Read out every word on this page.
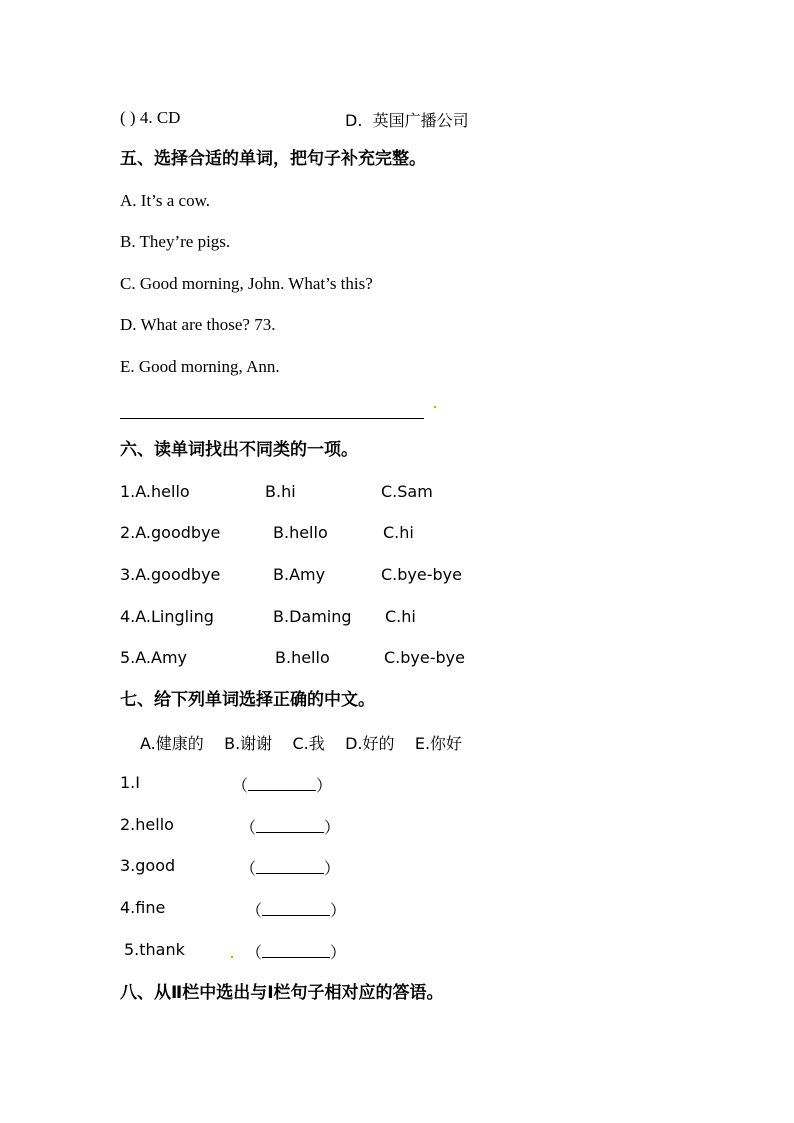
( ) 4. CD	D.  英国广播公司
五、选择合适的单词，把句子补充完整。
A. It’s a cow.
B. They’re pigs.
C. Good morning, John. What’s this?
D. What are those? 73.
E. Good morning, Ann.
六、读单词找出不同类的一项。
1.A.hello	B.hi	C.Sam
2.A.goodbye	B.hello	C.hi
3.A.goodbye	B.Amy	C.bye-bye
4.A.Lingling	B.Daming C.hi
5.A.Amy	B.hello	C.bye-bye
七、给下列单词选择正确的中文。
A.健康的    B.谢谢    C.我    D.好的    E.你好
1.I	（	）
2.hello	（	）
3.good	（	）
4.fine	（	）
5.thank	（	）
八、从Ⅱ栏中选出与Ⅰ栏句子相对应的答语。
